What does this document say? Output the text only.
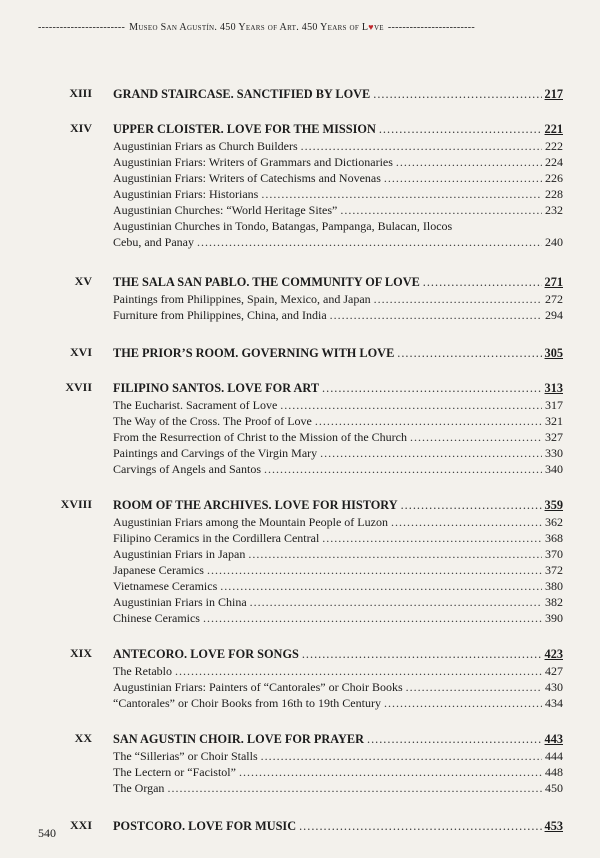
------------------------ Museo San Agustín. 450 Years of Art. 450 Years of L♥ve ------------------------
XIII GRAND STAIRCASE. SANCTIFIED BY LOVE .....	217
XIV UPPER CLOISTER. LOVE FOR THE MISSION .....	221
Augustinian Friars as Church Builders .....	222
Augustinian Friars: Writers of Grammars and Dictionaries .....	224
Augustinian Friars: Writers of Catechisms and Novenas .....	226
Augustinian Friars: Historians .....	228
Augustinian Churches: “World Heritage Sites” .....	232
Augustinian Churches in Tondo, Batangas, Pampanga, Bulacan, Ilocos
Cebu, and Panay .....	240
XV THE SALA SAN PABLO. THE COMMUNITY OF LOVE .....	271
Paintings from Philippines, Spain, Mexico, and Japan .....	272
Furniture from Philippines, China, and India .....	294
XVI THE PRIOR’S ROOM. GOVERNING WITH LOVE .....	305
XVII FILIPINO SANTOS. LOVE FOR ART .....	313
The Eucharist. Sacrament of Love .....	317
The Way of the Cross. The Proof of Love .....	321
From the Resurrection of Christ to the Mission of the Church .....	327
Paintings and Carvings of the Virgin Mary .....	330
Carvings of Angels and Santos .....	340
XVIII ROOM OF THE ARCHIVES. LOVE FOR HISTORY .....	359
Augustinian Friars among the Mountain People of Luzon .....	362
Filipino Ceramics in the Cordillera Central .....	368
Augustinian Friars in Japan .....	370
Japanese Ceramics .....	372
Vietnamese Ceramics .....	380
Augustinian Friars in China .....	382
Chinese Ceramics .....	390
XIX ANTECORO. LOVE FOR SONGS .....	423
The Retablo .....	427
Augustinian Friars: Painters of “Cantorales” or Choir Books .....	430
“Cantorales” or Choir Books from 16th to 19th Century .....	434
XX SAN AGUSTIN CHOIR. LOVE FOR PRAYER .....	443
The “Sillerias” or Choir Stalls .....	444
The Lectern or “Facistol” .....	448
The Organ .....	450
XXI POSTCORO. LOVE FOR MUSIC .....	453
540
